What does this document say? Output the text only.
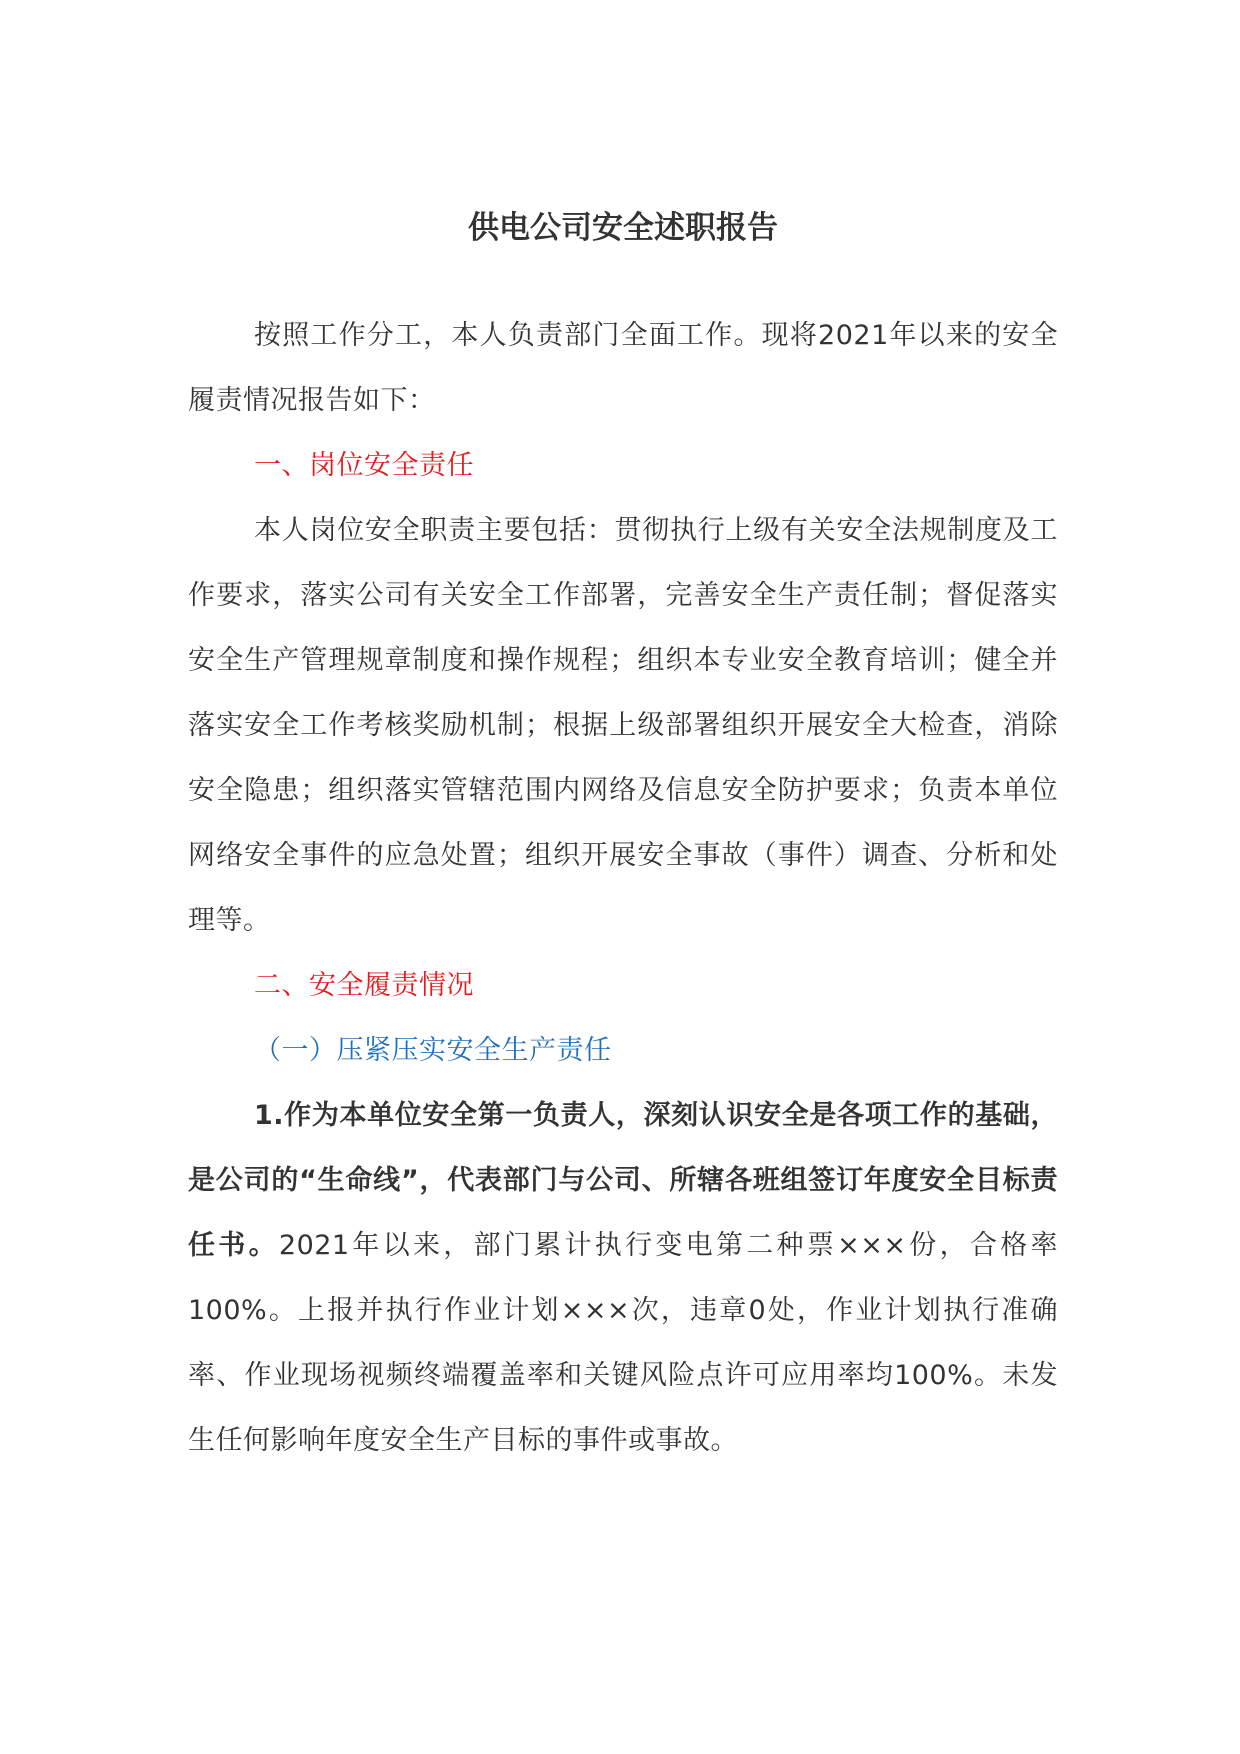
供电公司安全述职报告

按照工作分工，本人负责部门全面工作。现将2021年以来的安全履责情况报告如下：

一、岗位安全责任

本人岗位安全职责主要包括：贯彻执行上级有关安全法规制度及工作要求，落实公司有关安全工作部署，完善安全生产责任制；督促落实安全生产管理规章制度和操作规程；组织本专业安全教育培训；健全并落实安全工作考核奖励机制；根据上级部署组织开展安全大检查，消除安全隐患；组织落实管辖范围内网络及信息安全防护要求；负责本单位网络安全事件的应急处置；组织开展安全事故（事件）调查、分析和处理等。

二、安全履责情况

（一）压紧压实安全生产责任

1.作为本单位安全第一负责人，深刻认识安全是各项工作的基础，是公司的“生命线”，代表部门与公司、所辖各班组签订年度安全目标责任书。2021年以来，部门累计执行变电第二种票×××份，合格率100%。上报并执行作业计划×××次，违章0处，作业计划执行准确率、作业现场视频终端覆盖率和关键风险点许可应用率均100%。未发生任何影响年度安全生产目标的事件或事故。
